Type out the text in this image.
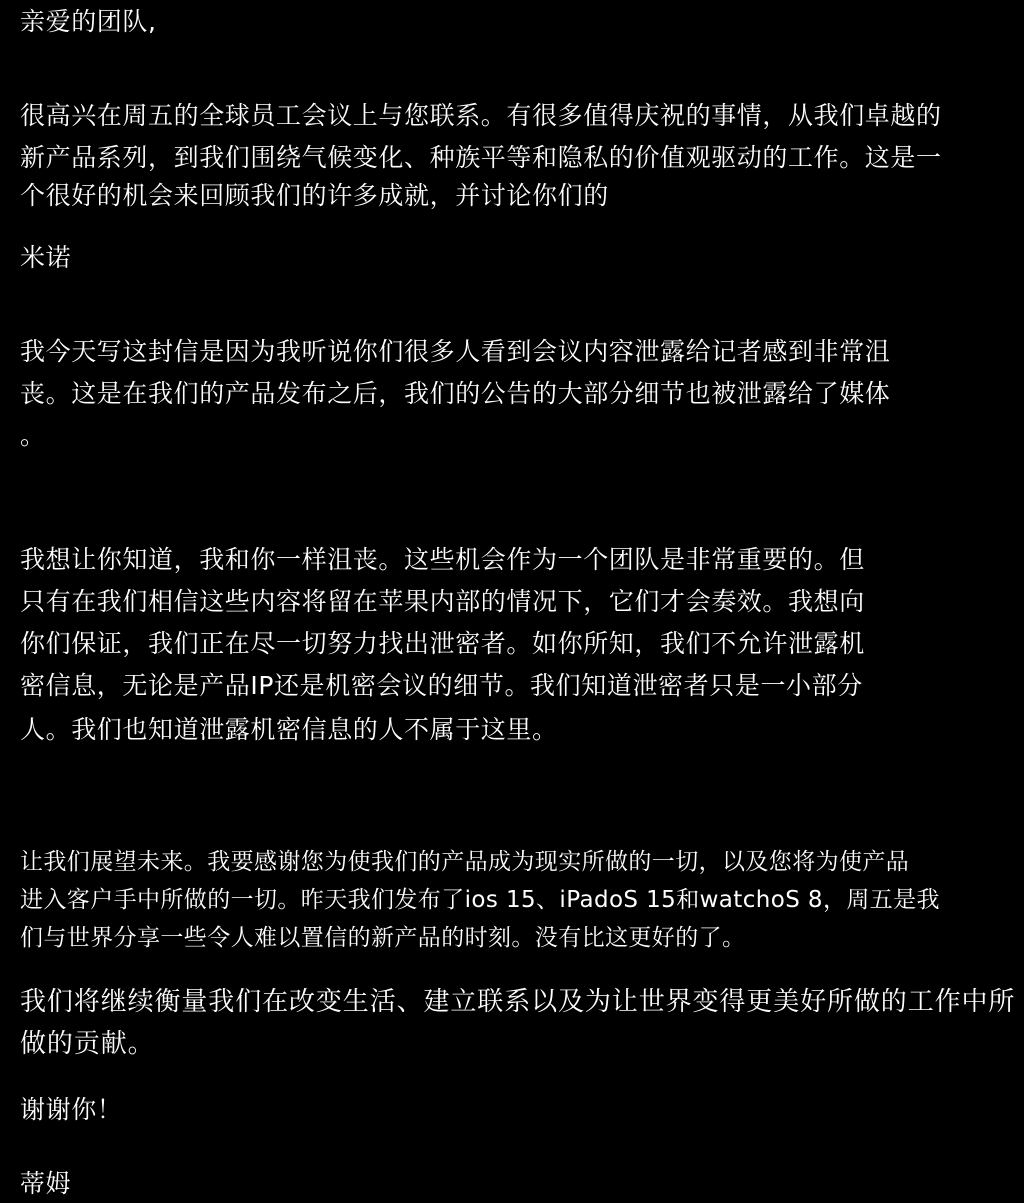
亲爱的团队,
很高兴在周五的全球员工会议上与您联系。有很多值得庆祝的事情，从我们卓越的
新产品系列，到我们围绕气候变化、种族平等和隐私的价值观驱动的工作。这是一
个很好的机会来回顾我们的许多成就，并讨论你们的
米诺
我今天写这封信是因为我听说你们很多人看到会议内容泄露给记者感到非常沮
丧。这是在我们的产品发布之后，我们的公告的大部分细节也被泄露给了媒体
。
我想让你知道，我和你一样沮丧。这些机会作为一个团队是非常重要的。但
只有在我们相信这些内容将留在苹果内部的情况下，它们才会奏效。我想向
你们保证，我们正在尽一切努力找出泄密者。如你所知，我们不允许泄露机
密信息，无论是产品IP还是机密会议的细节。我们知道泄密者只是一小部分
人。我们也知道泄露机密信息的人不属于这里。
让我们展望未来。我要感谢您为使我们的产品成为现实所做的一切，以及您将为使产品
进入客户手中所做的一切。昨天我们发布了ios 15、iPadoS 15和watchoS 8，周五是我
们与世界分享一些令人难以置信的新产品的时刻。没有比这更好的了。
我们将继续衡量我们在改变生活、建立联系以及为让世界变得更美好所做的工作中所
做的贡献。
谢谢你！
蒂姆
